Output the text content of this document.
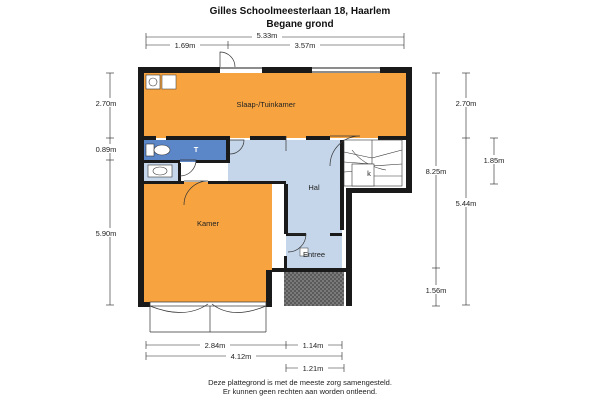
Gilles Schoolmeesterlaan 18, Haarlem
Begane grond
Slaap-/Tuinkamer
Hal
Kamer
Entree
T
k
5.33m
1.69m	3.57m
2.70m
0.89m
5.90m
2.70m
1.85m
8.25m
5.44m
1.56m
2.84m	1.14m
4.12m
1.21m
Deze plattegrond is met de meeste zorg samengesteld.
Er kunnen geen rechten aan worden ontleend.
